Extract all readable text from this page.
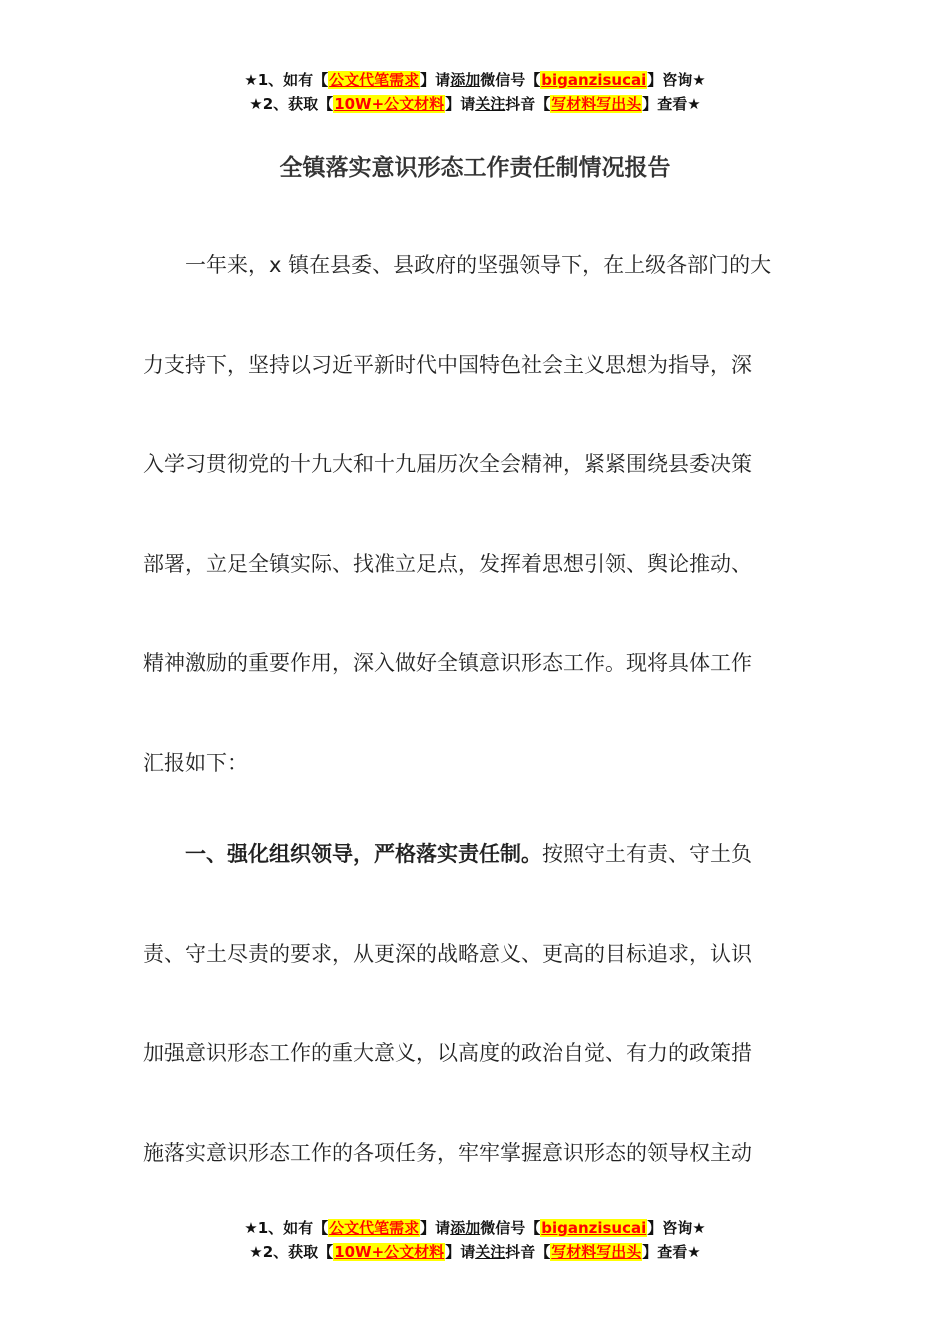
★1、如有【公文代笔需求】请添加微信号【biganzisucai】咨询★
★2、获取【10W+公文材料】请关注抖音【写材料写出头】查看★
全镇落实意识形态工作责任制情况报告
一年来，x 镇在县委、县政府的坚强领导下，在上级各部门的大
力支持下，坚持以习近平新时代中国特色社会主义思想为指导，深
入学习贯彻党的十九大和十九届历次全会精神，紧紧围绕县委决策
部署，立足全镇实际、找准立足点，发挥着思想引领、舆论推动、
精神激励的重要作用，深入做好全镇意识形态工作。现将具体工作
汇报如下：
一、强化组织领导，严格落实责任制。按照守土有责、守土负
责、守土尽责的要求，从更深的战略意义、更高的目标追求，认识
加强意识形态工作的重大意义，以高度的政治自觉、有力的政策措
施落实意识形态工作的各项任务，牢牢掌握意识形态的领导权主动
★1、如有【公文代笔需求】请添加微信号【biganzisucai】咨询★
★2、获取【10W+公文材料】请关注抖音【写材料写出头】查看★
